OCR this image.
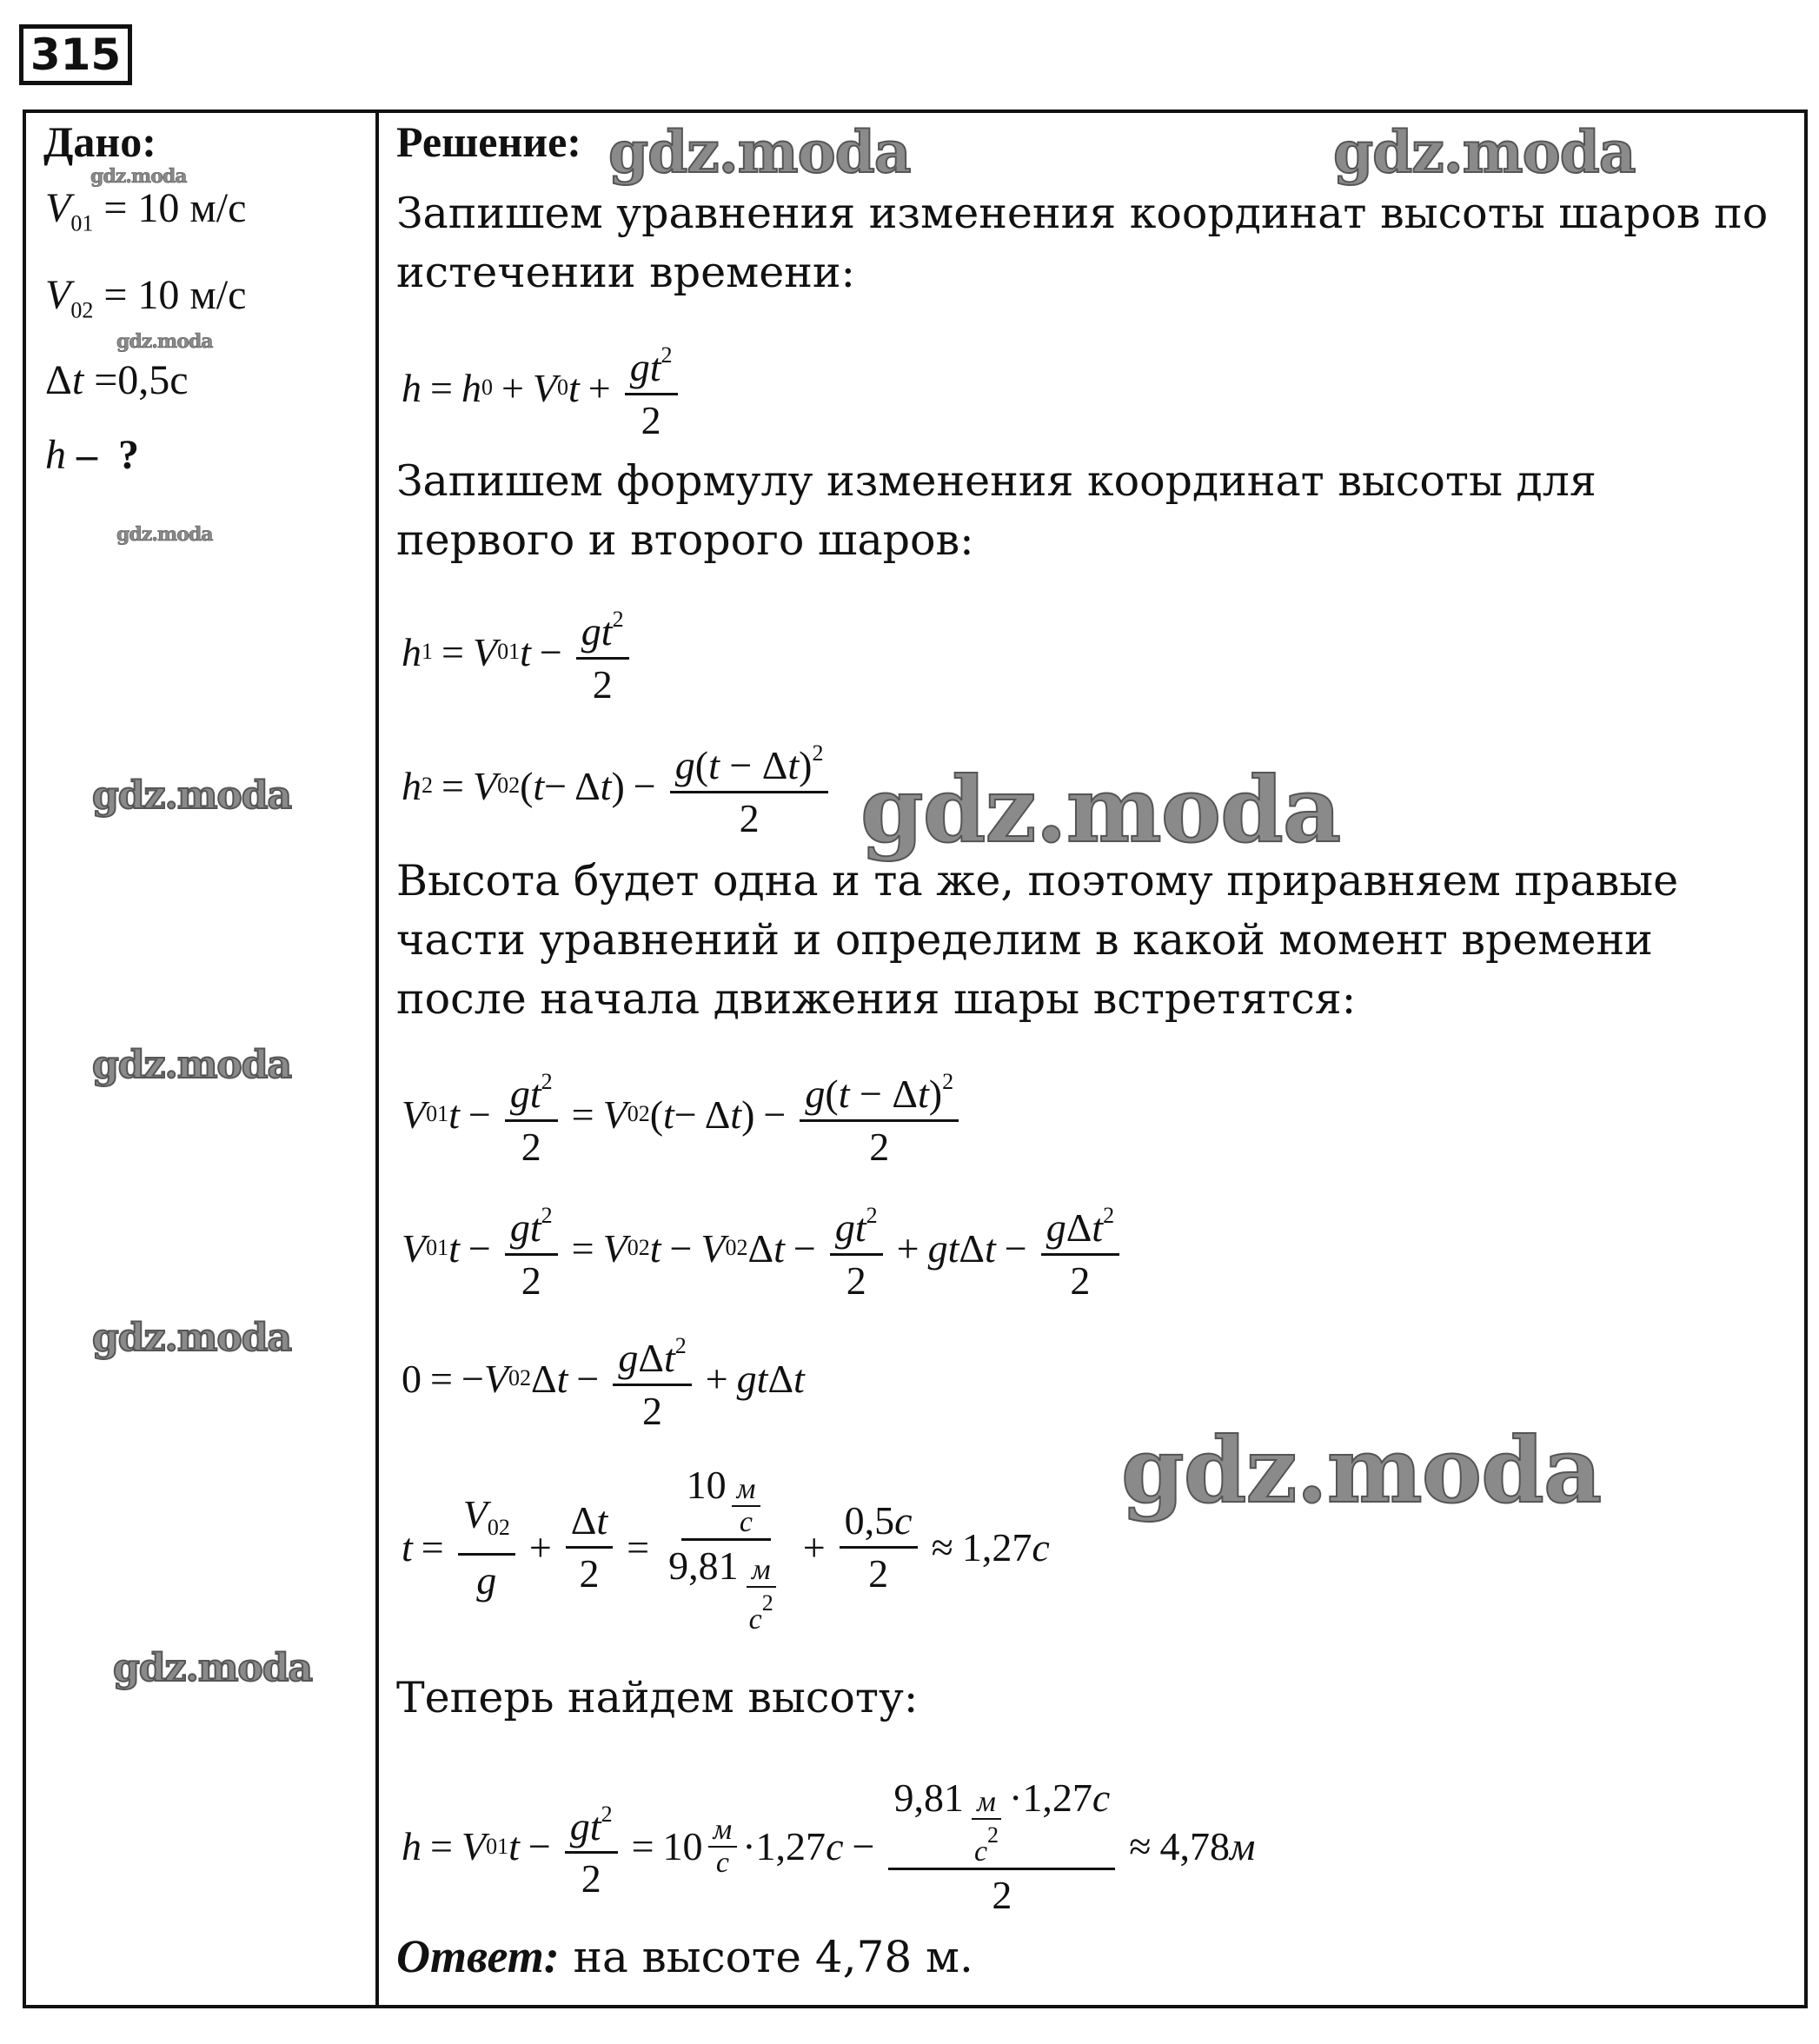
315
Дано:
$V_{01} = 10$ м/с
$V_{02} = 10$ м/с
Δt =0,5c
h –  ?
Решение:
Запишем уравнения изменения координат высоты шаров по истечении времени:
h = h 0 + V 0 $t + \frac{gt^2}{2}$
Запишем формулу изменения координат высоты для первого и второго шаров:
h 1 = V 01 $t - \frac{gt^2}{2}$
h 2 = V 02 ( t − Δ t ) − $\frac{g(t - \Delta t)^2}{2}$
Высота будет одна и та же, поэтому приравняем правые части уравнений и определим в какой момент времени после начала движения шары встретятся:
V 01 $t - \frac{gt^2}{2} = V$ 02 ( t − Δ t ) − $\frac{g(t - \Delta t)^2}{2}$
V 01 $t - \frac{gt^2}{2} = V$ 02 t − V 02 Δ $t - \frac{gt^2}{2}$ + gt Δ $t - \frac{g\Delta t^2}{2}$
0 = − V 02 Δ $t - \frac{g\Delta t^2}{2}$ + gt Δ t
$t = \frac{V_{02}}{g} + \frac{\Delta t}{2} = \frac{10 \frac{м}{c}}{9,81 \frac{м}{c^2}} + \frac{0,5c}{2} \approx 1,27$ c
Теперь найдем высоту:
h = V 01 $t - \frac{gt^2}{2} = 10 \frac{м}{c} \cdot 1,27$ $c - \frac{9,81 \frac{м}{c^2} \cdot 1,27c}{2} \approx 4,78$ м
Ответ: на высоте 4,78 м.
gdz.moda
gdz.moda
gdz.moda
gdz.moda	gdz.moda
gdz.moda	gdz.moda
gdz.moda
gdz.moda
gdz.moda
gdz.moda
